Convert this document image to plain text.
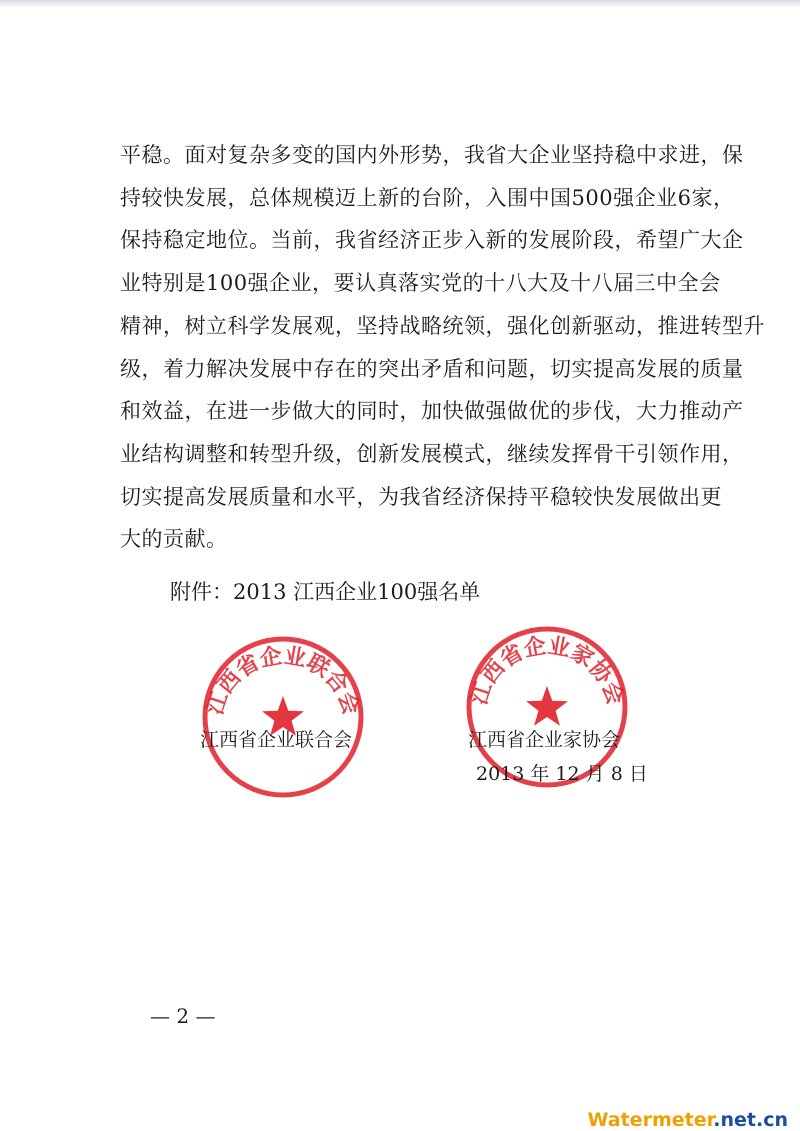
平稳。面对复杂多变的国内外形势，我省大企业坚持稳中求进，保
持较快发展，总体规模迈上新的台阶，入围中国500强企业6家，
保持稳定地位。当前，我省经济正步入新的发展阶段，希望广大企
业特别是100强企业，要认真落实党的十八大及十八届三中全会
精神，树立科学发展观，坚持战略统领，强化创新驱动，推进转型升
级，着力解决发展中存在的突出矛盾和问题，切实提高发展的质量
和效益，在进一步做大的同时，加快做强做优的步伐，大力推动产
业结构调整和转型升级，创新发展模式，继续发挥骨干引领作用，
切实提高发展质量和水平，为我省经济保持平稳较快发展做出更
大的贡献。
附件：2013 江西企业100强名单
江西省企业联合会
江西省企业联合会
江西省企业家协会
江西省企业家协会
2013 年 12 月 8 日
— 2 —
Watermeter.net.cn
